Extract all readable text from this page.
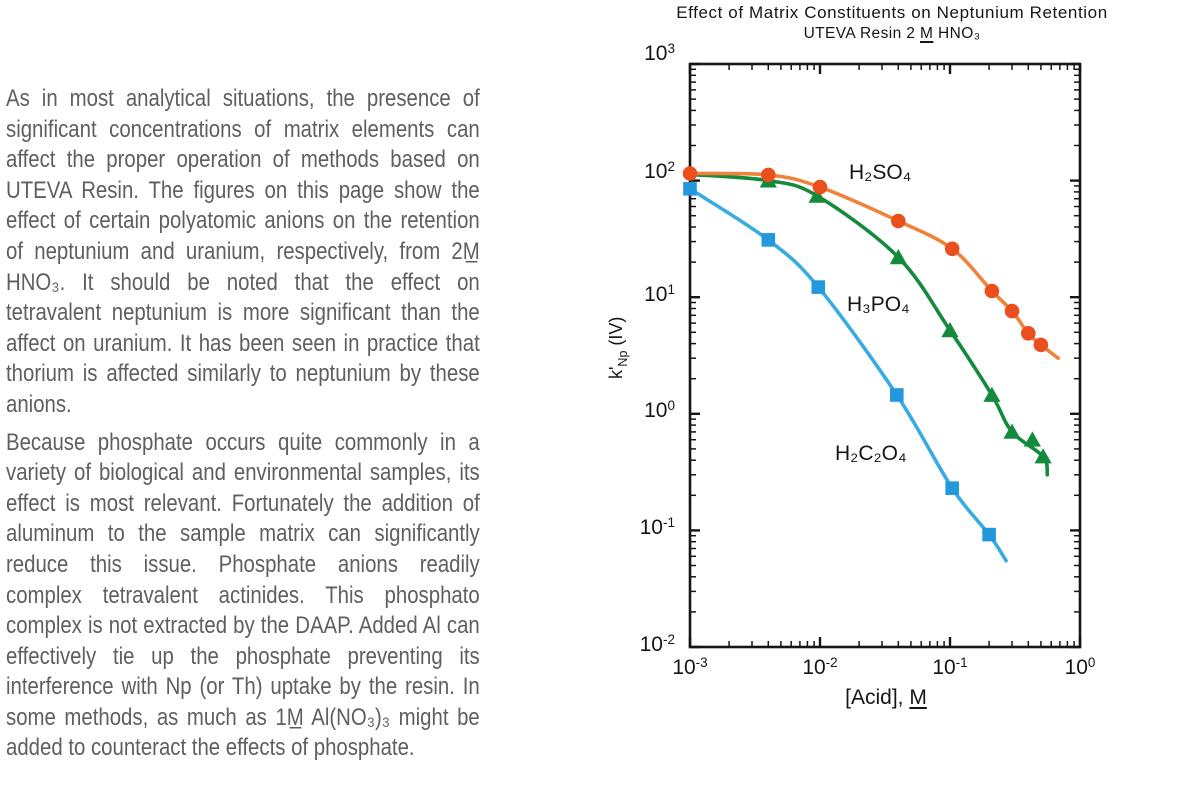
As in most analytical situations, the presence of significant concentrations of matrix elements can affect the proper operation of methods based on UTEVA Resin. The figures on this page show the effect of certain polyatomic anions on the retention of neptunium and uranium, respectively, from 2M̲ HNO₃. It should be noted that the effect on tetravalent neptunium is more significant than the affect on uranium. It has been seen in practice that thorium is affected similarly to neptunium by these anions.

Because phosphate occurs quite commonly in a variety of biological and environmental samples, its effect is most relevant. Fortunately the addition of aluminum to the sample matrix can significantly reduce this issue. Phosphate anions readily complex tetravalent actinides. This phosphato complex is not extracted by the DAAP. Added Al can effectively tie up the phosphate preventing its interference with Np (or Th) uptake by the resin. In some methods, as much as 1M̲ Al(NO₃)₃ might be added to counteract the effects of phosphate.

Effect of Matrix Constituents on Neptunium Retention
UTEVA Resin 2 M HNO₃
$k'_{Np}$ (IV)
[Acid], M
H₂SO₄
H₃PO₄
H₂C₂O₄
$10^3$
$10^2$
$10^1$
$10^0$
$10^{-1}$
$10^{-2}$
$10^{-3}$	$10^{-2}$	$10^{-1}$	$10^0$
